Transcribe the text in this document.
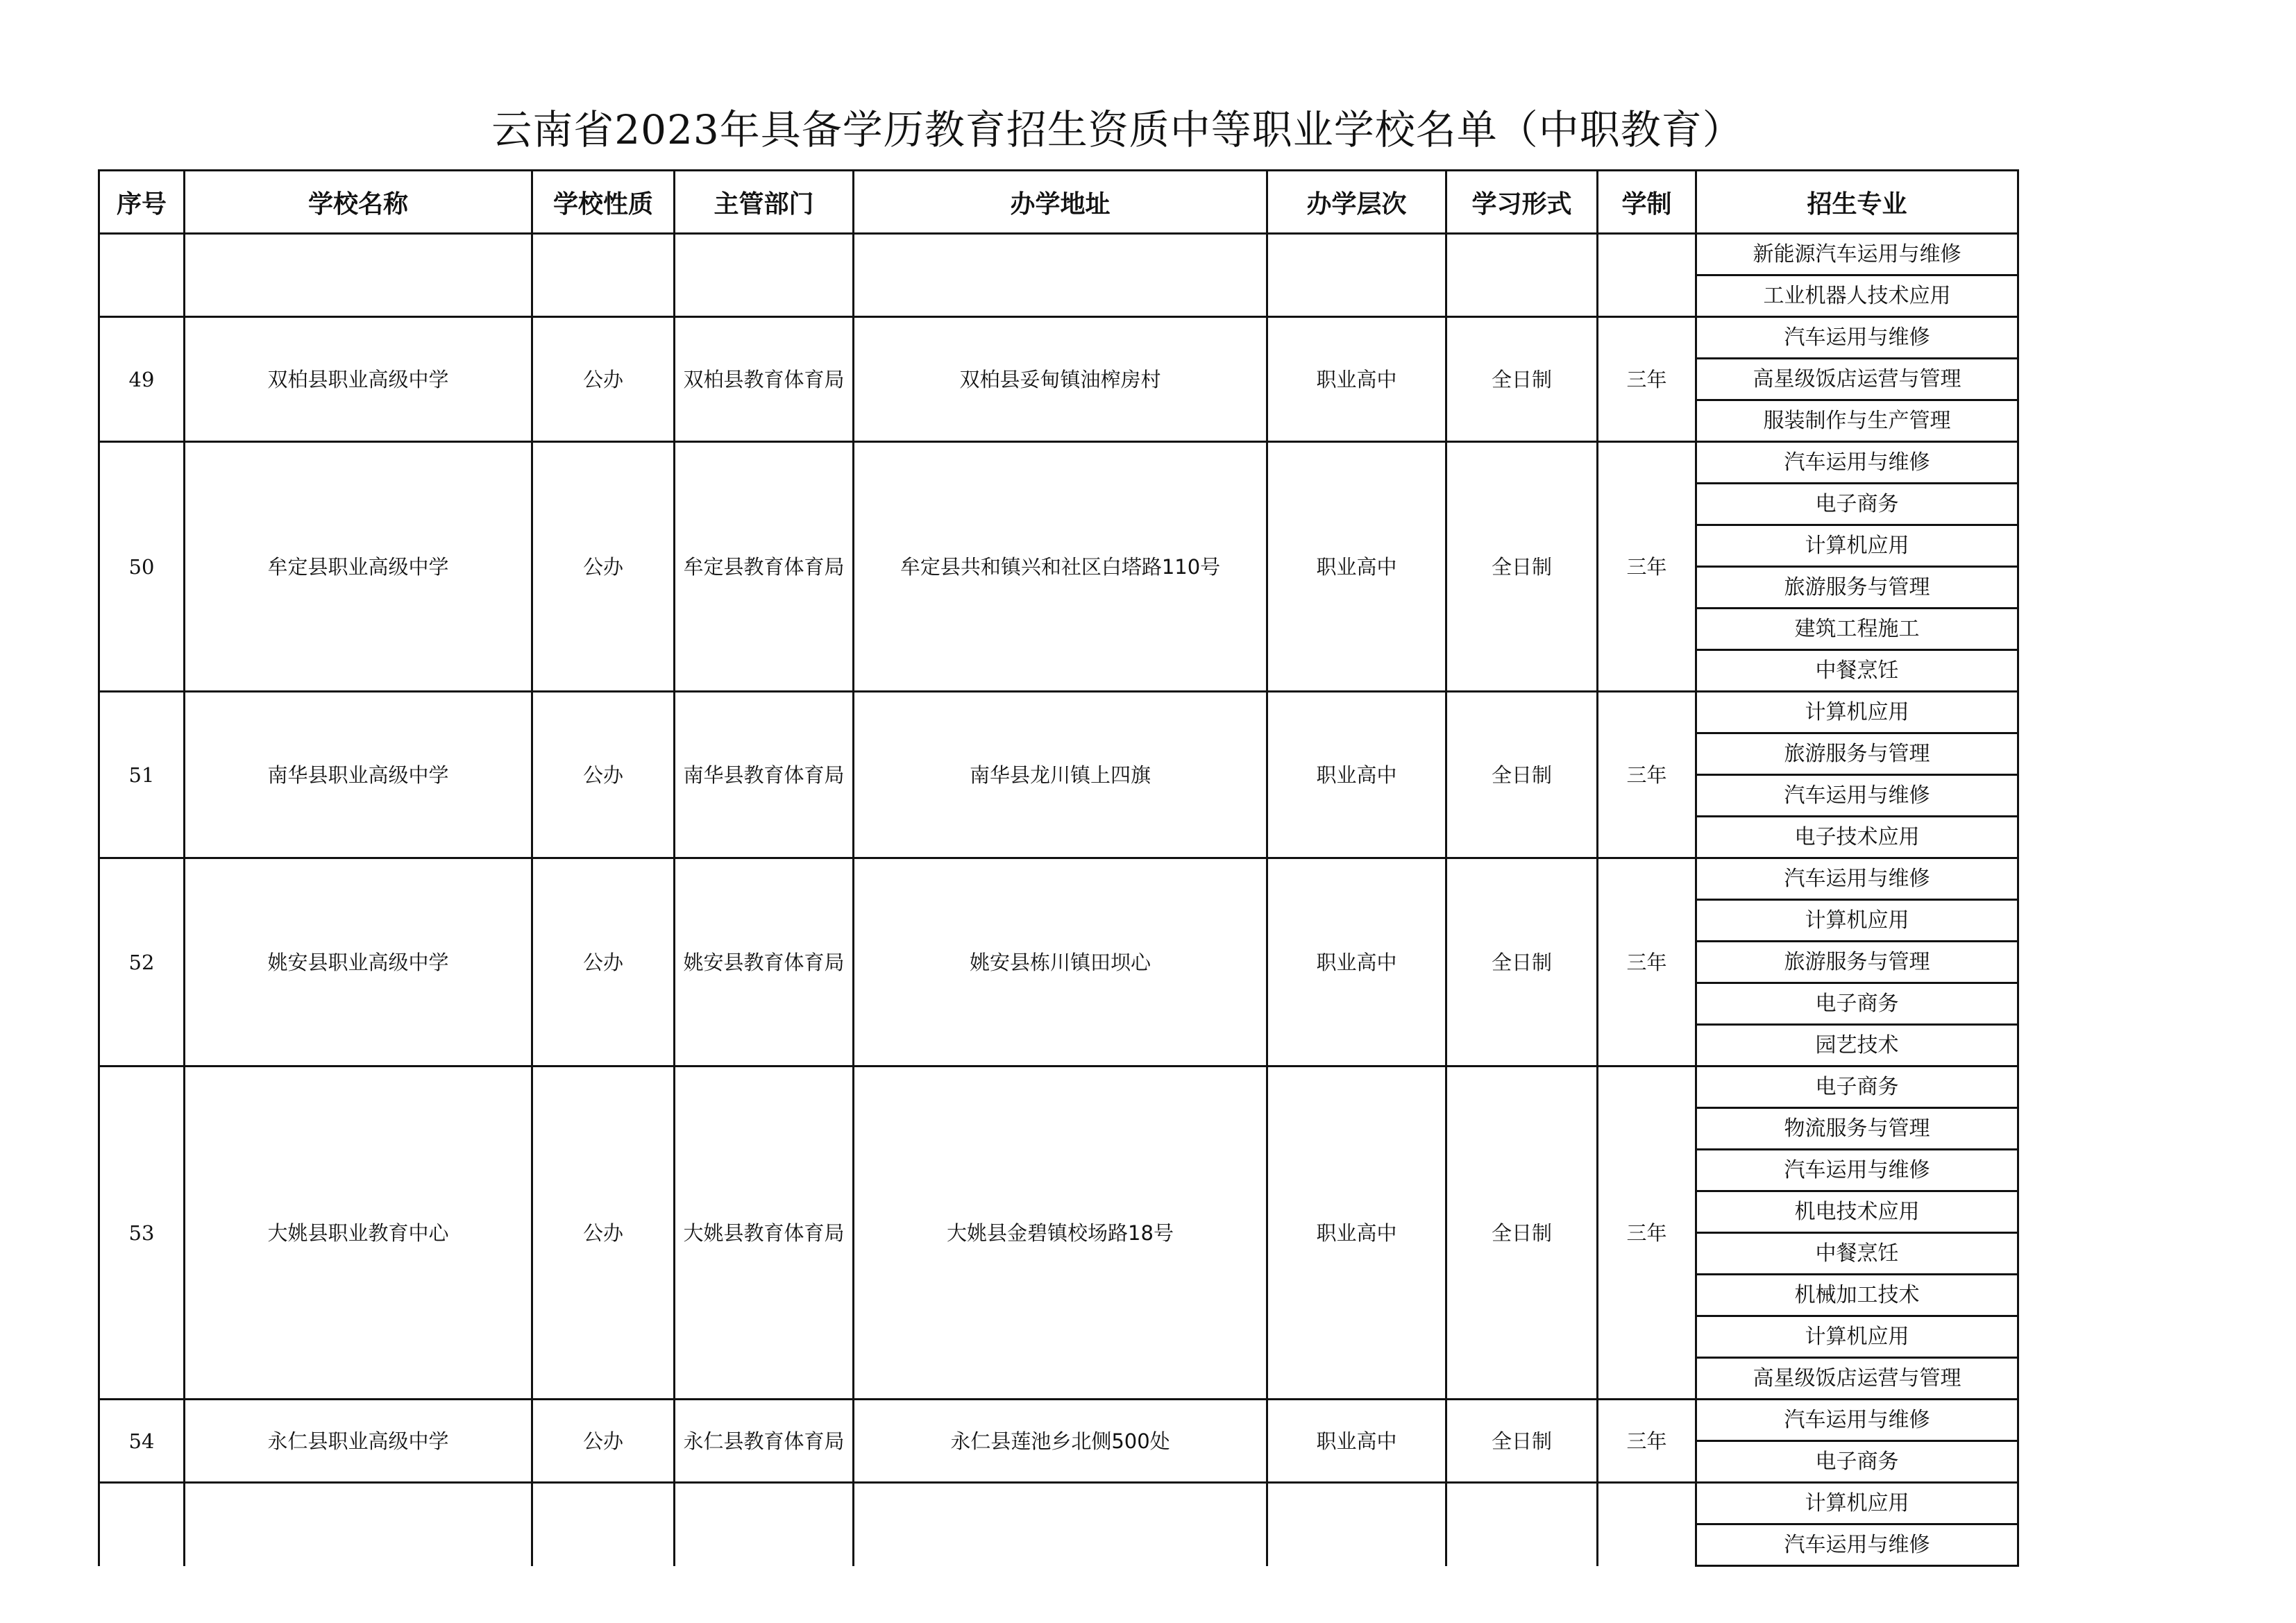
云南省2023年具备学历教育招生资质中等职业学校名单（中职教育）
序号	学校名称	学校性质	主管部门	办学地址	办学层次	学习形式	学制	招生专业
								新能源汽车运用与维修
								工业机器人技术应用
49	双柏县职业高级中学	公办	双柏县教育体育局	双柏县妥甸镇油榨房村	职业高中	全日制	三年	汽车运用与维修
								高星级饭店运营与管理
								服装制作与生产管理
50	牟定县职业高级中学	公办	牟定县教育体育局	牟定县共和镇兴和社区白塔路110号	职业高中	全日制	三年	汽车运用与维修
								电子商务
								计算机应用
								旅游服务与管理
								建筑工程施工
								中餐烹饪
51	南华县职业高级中学	公办	南华县教育体育局	南华县龙川镇上四旗	职业高中	全日制	三年	计算机应用
								旅游服务与管理
								汽车运用与维修
								电子技术应用
52	姚安县职业高级中学	公办	姚安县教育体育局	姚安县栋川镇田坝心	职业高中	全日制	三年	汽车运用与维修
								计算机应用
								旅游服务与管理
								电子商务
								园艺技术
53	大姚县职业教育中心	公办	大姚县教育体育局	大姚县金碧镇校场路18号	职业高中	全日制	三年	电子商务
								物流服务与管理
								汽车运用与维修
								机电技术应用
								中餐烹饪
								机械加工技术
								计算机应用
								高星级饭店运营与管理
54	永仁县职业高级中学	公办	永仁县教育体育局	永仁县莲池乡北侧500处	职业高中	全日制	三年	汽车运用与维修
								电子商务
								计算机应用
								汽车运用与维修
